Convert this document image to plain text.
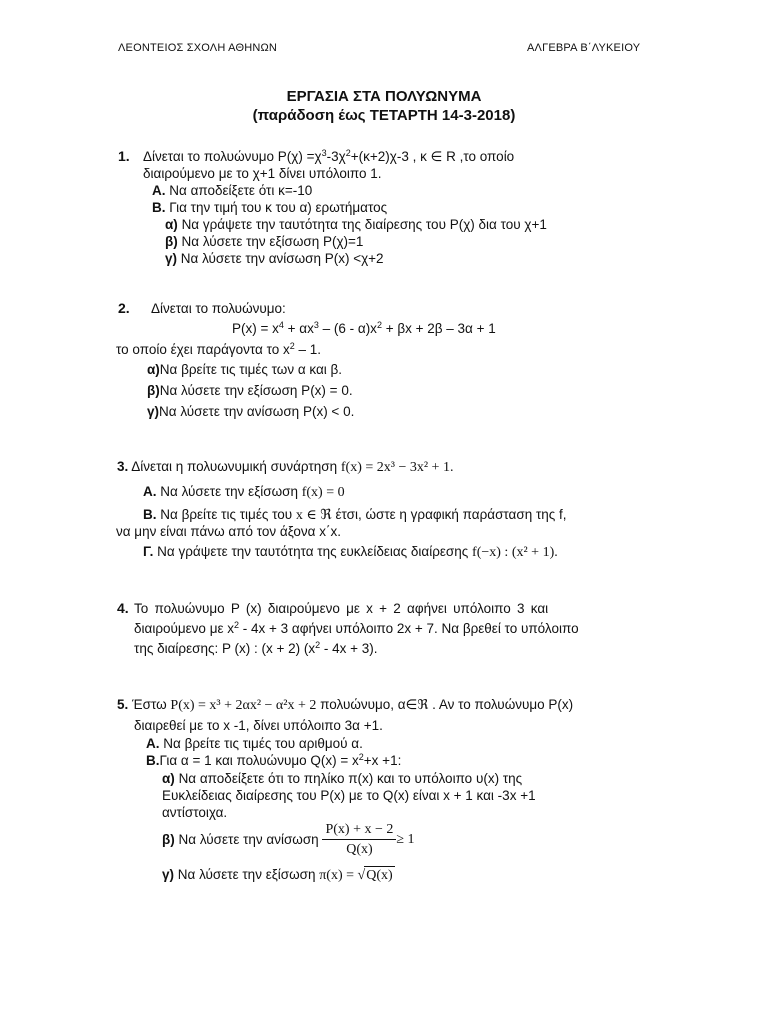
ΛΕΟΝΤΕΙΟΣ ΣΧΟΛΗ ΑΘΗΝΩΝ	ΑΛΓΕΒΡΑ Β΄ΛΥΚΕΙΟΥ
ΕΡΓΑΣΙΑ ΣΤΑ ΠΟΛΥΩΝΥΜΑ
(παράδοση έως ΤΕΤΑΡΤΗ 14-3-2018)
1. Δίνεται το πολυώνυμο $P(\chi) =\chi^3-3\chi^2+(\kappa+2)\chi-3$ , κ ∈ R ,το οποίο
διαιρούμενο με το χ+1 δίνει υπόλοιπο 1.
Α. Να αποδείξετε ότι κ=-10
Β. Για την τιμή του κ του α) ερωτήματος
α) Να γράψετε την ταυτότητα της διαίρεσης του Ρ(χ) δια του χ+1
β) Να λύσετε την εξίσωση Ρ(χ)=1
γ) Να λύσετε την ανίσωση Ρ(x) <χ+2
2. Δίνεται το πολυώνυμο:
$P(x) = x^4 + \alpha x^3 - (6 - \alpha)x^2 + \beta x + 2\beta - 3\alpha + 1$
το οποίο έχει παράγοντα το $x^2 - 1$.
α)Να βρείτε τις τιμές των α και β.
β)Να λύσετε την εξίσωση P(x) = 0.
γ)Να λύσετε την ανίσωση P(x) < 0.
3. Δίνεται η πολυωνυμική συνάρτηση f(x) = 2x³ − 3x² + 1.
Α. Να λύσετε την εξίσωση f(x) = 0
Β. Να βρείτε τις τιμές του x ∈ ℜ έτσι, ώστε η γραφική παράσταση της f,
να μην είναι πάνω από τον άξονα x΄x.
Γ. Να γράψετε την ταυτότητα της ευκλείδειας διαίρεσης f(−x) : (x² + 1).
4. Το πολυώνυμο Ρ (x) διαιρούμενο με x + 2 αφήνει υπόλοιπο 3 και
διαιρούμενο με $x^2 - 4x + 3$ αφήνει υπόλοιπο 2x + 7. Να βρεθεί το υπόλοιπο
της διαίρεσης: Ρ (x) : (x + 2) $(x^2 - 4x + 3)$.
5. Έστω P(x) = x³ + 2αx² − α²x + 2 πολυώνυμο, α∈ℜ . Αν το πολυώνυμο Ρ(x)
διαιρεθεί με το x -1, δίνει υπόλοιπο 3α +1.
Α. Να βρείτε τις τιμές του αριθμού α.
Β.Για α = 1 και πολυώνυμο $Q(x) = x^2+x +1$:
α) Να αποδείξετε ότι το πηλίκο π(x) και το υπόλοιπο υ(x) της
Ευκλείδειας διαίρεσης του Ρ(x) με το Q(x) είναι x + 1 και -3x +1
αντίστοιχα.
β)
Να λύσετε την ανίσωση
$\frac{P(x) + x - 2}{Q(x)} \ge 1$
γ) Να λύσετε την εξίσωση π(x) = √Q(x)
